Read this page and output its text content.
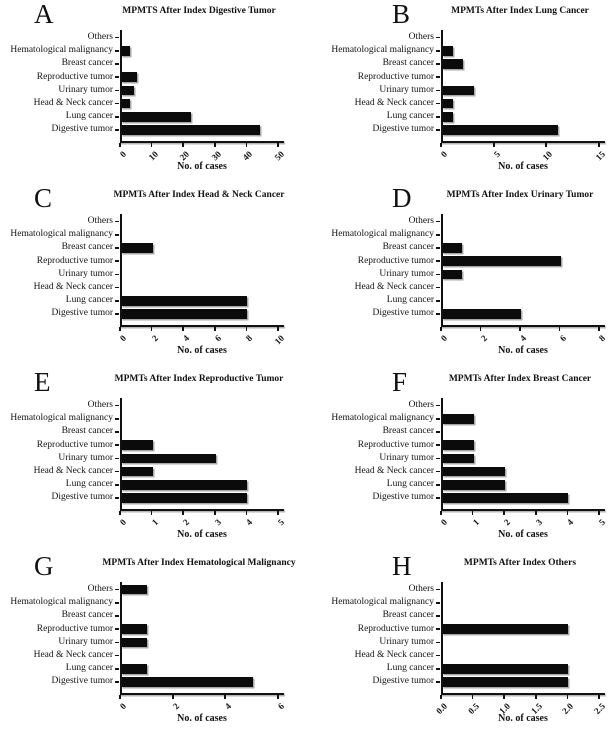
A	MPMTS After Index Digestive Tumor
Others
Hematological malignancy
Breast cancer
Reproductive tumor
Urinary tumor
Head & Neck cancer
Lung cancer
Digestive tumor
0	10	20	30	40	50
No. of cases
B	MPMTs After Index Lung Cancer
Others
Hematological malignancy
Breast cancer
Reproductive tumor
Urinary tumor
Head & Neck cancer
Lung cancer
Digestive tumor
0	5	10	15
No. of cases
C	MPMTs After Index Head & Neck Cancer
Others
Hematological malignancy
Breast cancer
Reproductive tumor
Urinary tumor
Head & Neck cancer
Lung cancer
Digestive tumor
0	2	4	6	8	10
No. of cases
D	MPMTs After Index Urinary Tumor
Others
Hematological malignancy
Breast cancer
Reproductive tumor
Urinary tumor
Head & Neck cancer
Lung cancer
Digestive tumor
0	2	4	6	8
No. of cases
E	MPMTs After Index Reproductive Tumor
Others
Hematological malignancy
Breast cancer
Reproductive tumor
Urinary tumor
Head & Neck cancer
Lung cancer
Digestive tumor
0	1	2	3	4	5
No. of cases
F	MPMTs After Index Breast Cancer
Others
Hematological malignancy
Breast cancer
Reproductive tumor
Urinary tumor
Head & Neck cancer
Lung cancer
Digestive tumor
0	1	2	3	4	5
No. of cases
G	MPMTs After Index Hematological Malignancy
Others
Hematological malignancy
Breast cancer
Reproductive tumor
Urinary tumor
Head & Neck cancer
Lung cancer
Digestive tumor
0	2	4	6
No. of cases
H	MPMTs After Index Others
Others
Hematological malignancy
Breast cancer
Reproductive tumor
Urinary tumor
Head & Neck cancer
Lung cancer
Digestive tumor
0.0	0.5	1.0	1.5	2.0	2.5
No. of cases
